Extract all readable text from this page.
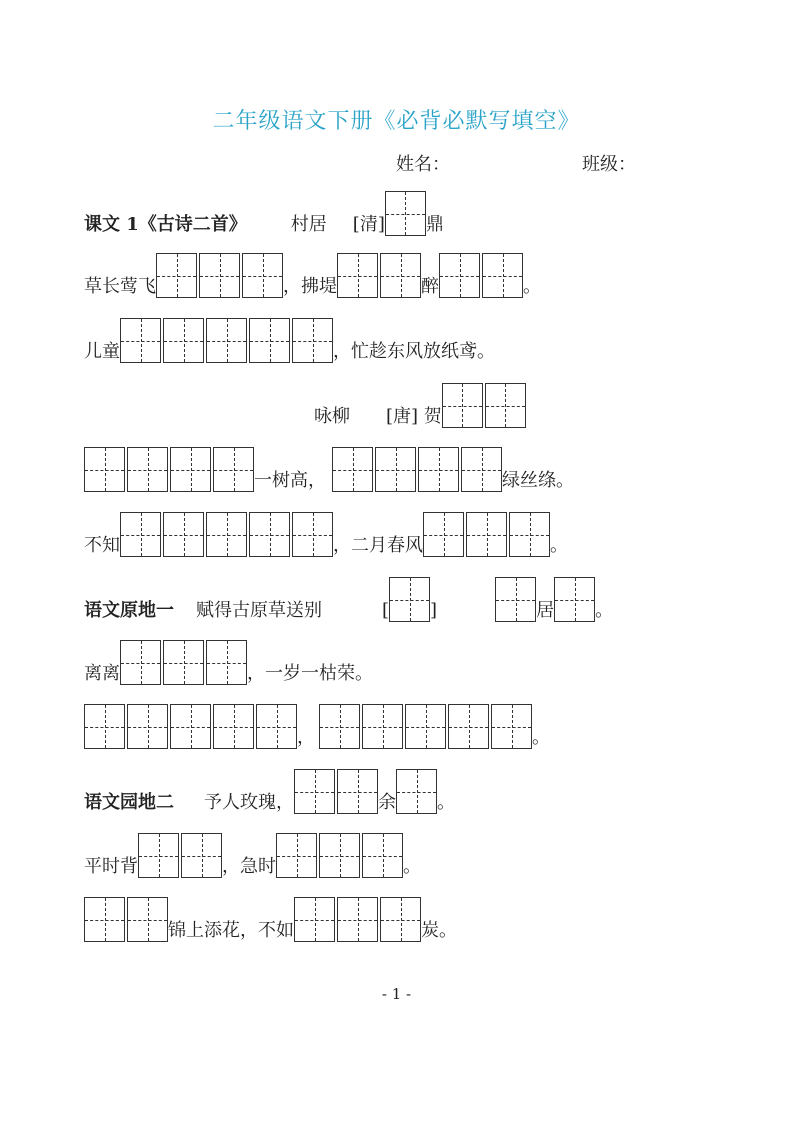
二年级语文下册《必背必默写填空》
姓名：	班级：
课文 1《古诗二首》 村居 [清] 鼎
草长莺飞	，拂堤	醉	。
儿童	，忙趁东风放纸鸢。
咏柳 [唐] 贺
一树高，	绿丝绦。
不知	，二月春风	。
语文原地一 赋得古原草送别	[ ]	居 。
离离	，一岁一枯荣。
，	。
语文园地二 予人玫瑰，	余 。
平时背	，急时	。
锦上添花，不如	炭。
- 1 -
